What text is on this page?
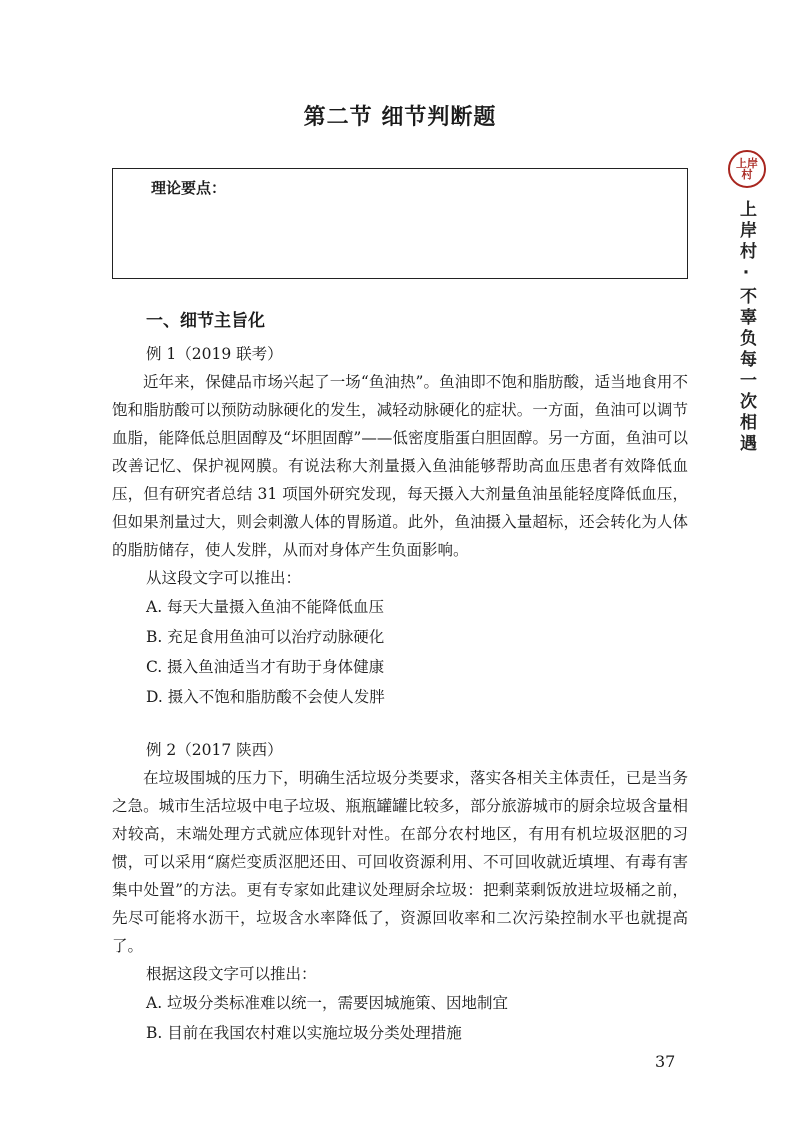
第二节 细节判断题
上岸村
上岸村·不辜负每一次相遇
理论要点：
一、细节主旨化
例 1（2019 联考）
近年来，保健品市场兴起了一场“鱼油热”。鱼油即不饱和脂肪酸，适当地食用不饱和脂肪酸可以预防动脉硬化的发生，减轻动脉硬化的症状。一方面，鱼油可以调节血脂，能降低总胆固醇及“坏胆固醇”——低密度脂蛋白胆固醇。另一方面，鱼油可以改善记忆、保护视网膜。有说法称大剂量摄入鱼油能够帮助高血压患者有效降低血压，但有研究者总结 31 项国外研究发现，每天摄入大剂量鱼油虽能轻度降低血压，但如果剂量过大，则会刺激人体的胃肠道。此外，鱼油摄入量超标，还会转化为人体的脂肪储存，使人发胖，从而对身体产生负面影响。
从这段文字可以推出：
A. 每天大量摄入鱼油不能降低血压
B. 充足食用鱼油可以治疗动脉硬化
C. 摄入鱼油适当才有助于身体健康
D. 摄入不饱和脂肪酸不会使人发胖
例 2（2017 陕西）
在垃圾围城的压力下，明确生活垃圾分类要求，落实各相关主体责任，已是当务之急。城市生活垃圾中电子垃圾、瓶瓶罐罐比较多，部分旅游城市的厨余垃圾含量相对较高，末端处理方式就应体现针对性。在部分农村地区，有用有机垃圾沤肥的习惯，可以采用“腐烂变质沤肥还田、可回收资源利用、不可回收就近填埋、有毒有害集中处置”的方法。更有专家如此建议处理厨余垃圾：把剩菜剩饭放进垃圾桶之前，先尽可能将水沥干，垃圾含水率降低了，资源回收率和二次污染控制水平也就提高了。
根据这段文字可以推出：
A. 垃圾分类标准难以统一，需要因城施策、因地制宜
B. 目前在我国农村难以实施垃圾分类处理措施
37
